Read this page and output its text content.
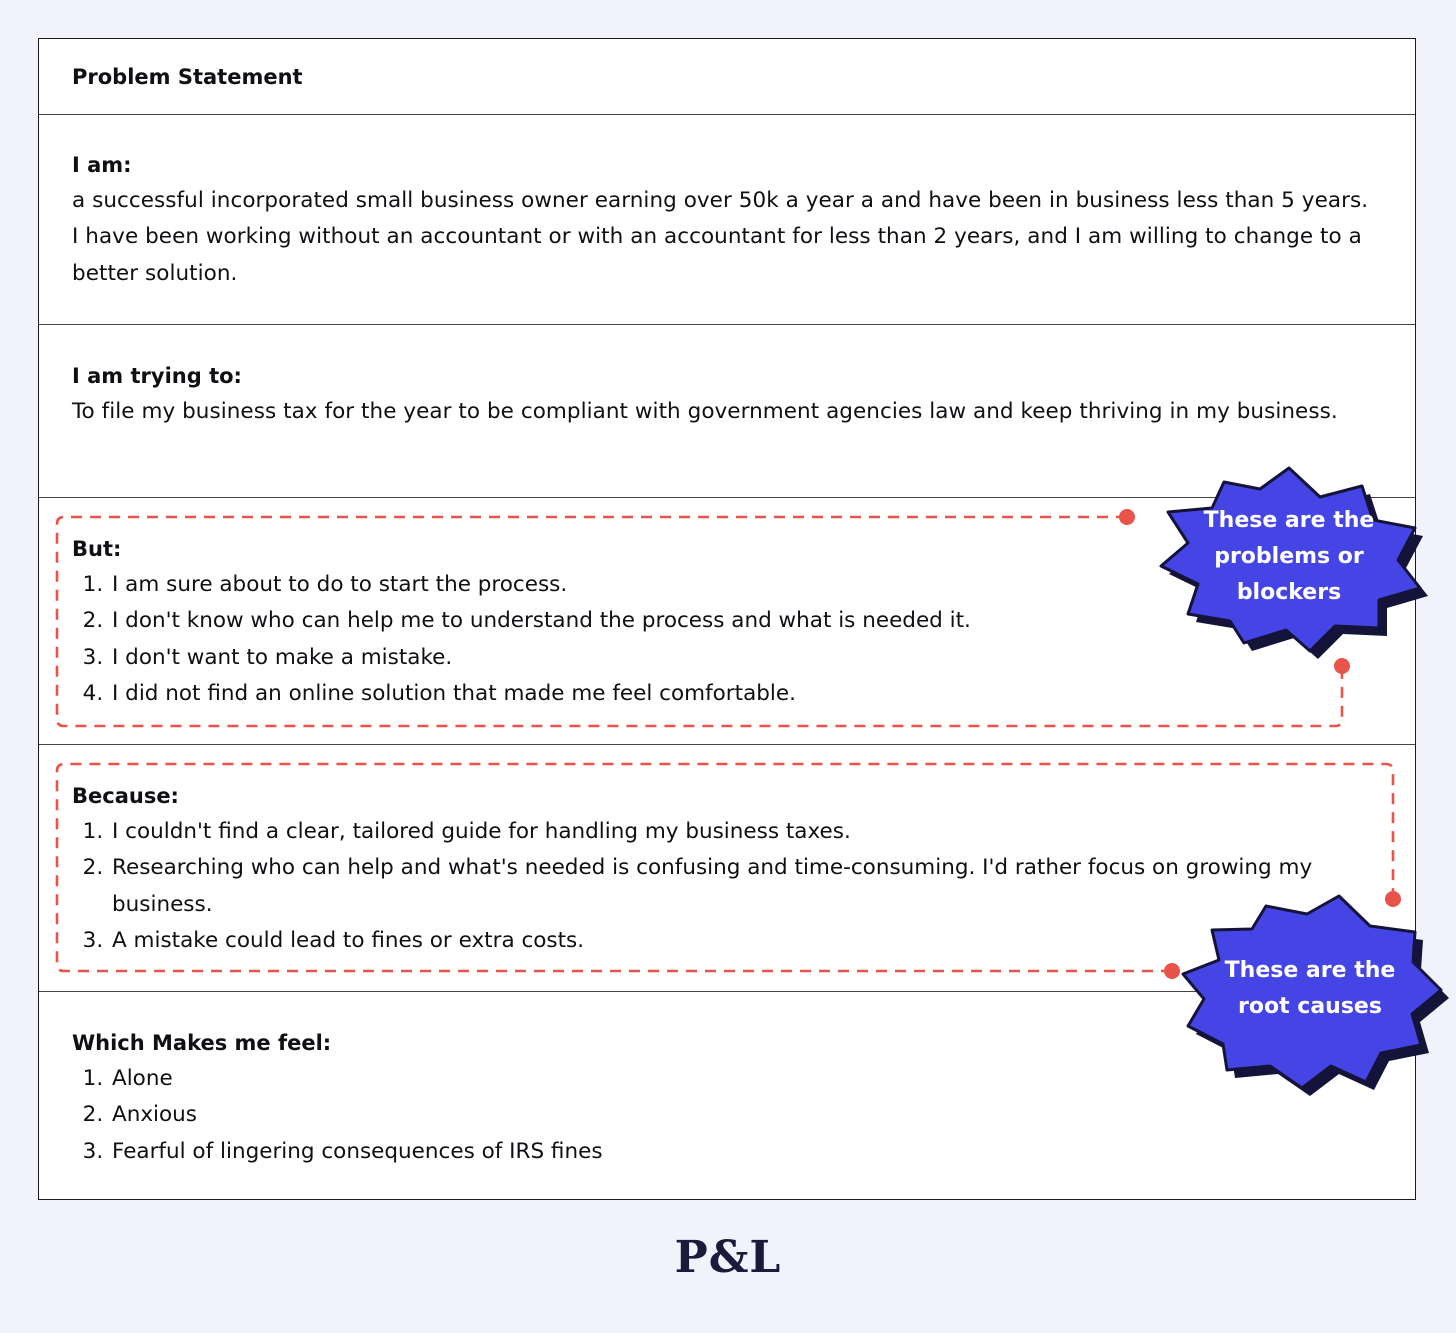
Problem Statement

I am:

a successful incorporated small business owner earning over 50k a year a and have been in business less than 5 years. I have been working without an accountant or with an accountant for less than 2 years, and I am willing to change to a better solution.

I am trying to:

To file my business tax for the year to be compliant with government agencies law and keep thriving in my business.

But:

1. I am sure about to do to start the process.
2. I don't know who can help me to understand the process and what is needed it.
3. I don't want to make a mistake.
4. I did not find an online solution that made me feel comfortable.

Because:

1. I couldn't find a clear, tailored guide for handling my business taxes.
2. Researching who can help and what's needed is confusing and time-consuming. I'd rather focus on growing my business.
3. A mistake could lead to fines or extra costs.

Which Makes me feel:

1. Alone
2. Anxious
3. Fearful of lingering consequences of IRS fines
These are the
problems or
blockers
These are the
root causes
P&L
